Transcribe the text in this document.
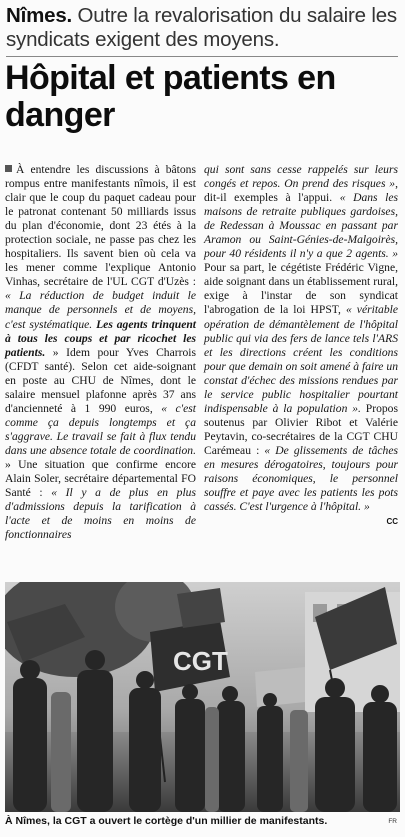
Nîmes. Outre la revalorisation du salaire les syndicats exigent des moyens.
Hôpital et patients en danger

À entendre les discussions à bâtons rompus entre manifestants nîmois, il est clair que le coup du paquet cadeau pour le patronat contenant 50 milliards issus du plan d'économie, dont 23 étés à la protection sociale, ne passe pas chez les hospitaliers. Ils savent bien où cela va les mener comme l'explique Antonio Vinhas, secrétaire de l'UL CGT d'Uzès : « La réduction de budget induit le manque de personnels et de moyens, c'est systématique. Les agents trinquent à tous les coups et par ricochet les patients. » Idem pour Yves Charrois (CFDT santé). Selon cet aide-soignant en poste au CHU de Nîmes, dont le salaire mensuel plafonne après 37 ans d'ancienneté à 1 990 euros, « c'est comme ça depuis longtemps et ça s'aggrave. Le travail se fait à flux tendu dans une absence totale de coordination. » Une situation que confirme encore Alain Soler, secrétaire départemental FO Santé : « Il y a de plus en plus d'admissions depuis la tarification à l'acte et de moins en moins de fonctionnaires

qui sont sans cesse rappelés sur leurs congés et repos. On prend des risques », dit-il exemples à l'appui. « Dans les maisons de retraite publiques gardoises, de Redessan à Moussac en passant par Aramon ou Saint-Génies-de-Malgoirès, pour 40 résidents il n'y a que 2 agents. » Pour sa part, le cégétiste Frédéric Vigne, aide soignant dans un établissement rural, exige à l'instar de son syndicat l'abrogation de la loi HPST, « véritable opération de démantèlement de l'hôpital public qui via des fers de lance tels l'ARS et les directions créent les conditions pour que demain on soit amené à faire un constat d'échec des missions rendues par le service public hospitalier pourtant indispensable à la population ». Propos soutenus par Olivier Ribot et Valérie Peytavin, co-secrétaires de la CGT CHU Carémeau : « De glissements de tâches en mesures dérogatoires, toujours pour raisons économiques, le personnel souffre et paye avec les patients les pots cassés. C'est l'urgence à l'hôpital. »

CC
CGT
À Nîmes, la CGT a ouvert le cortège d'un millier de manifestants.	FR
